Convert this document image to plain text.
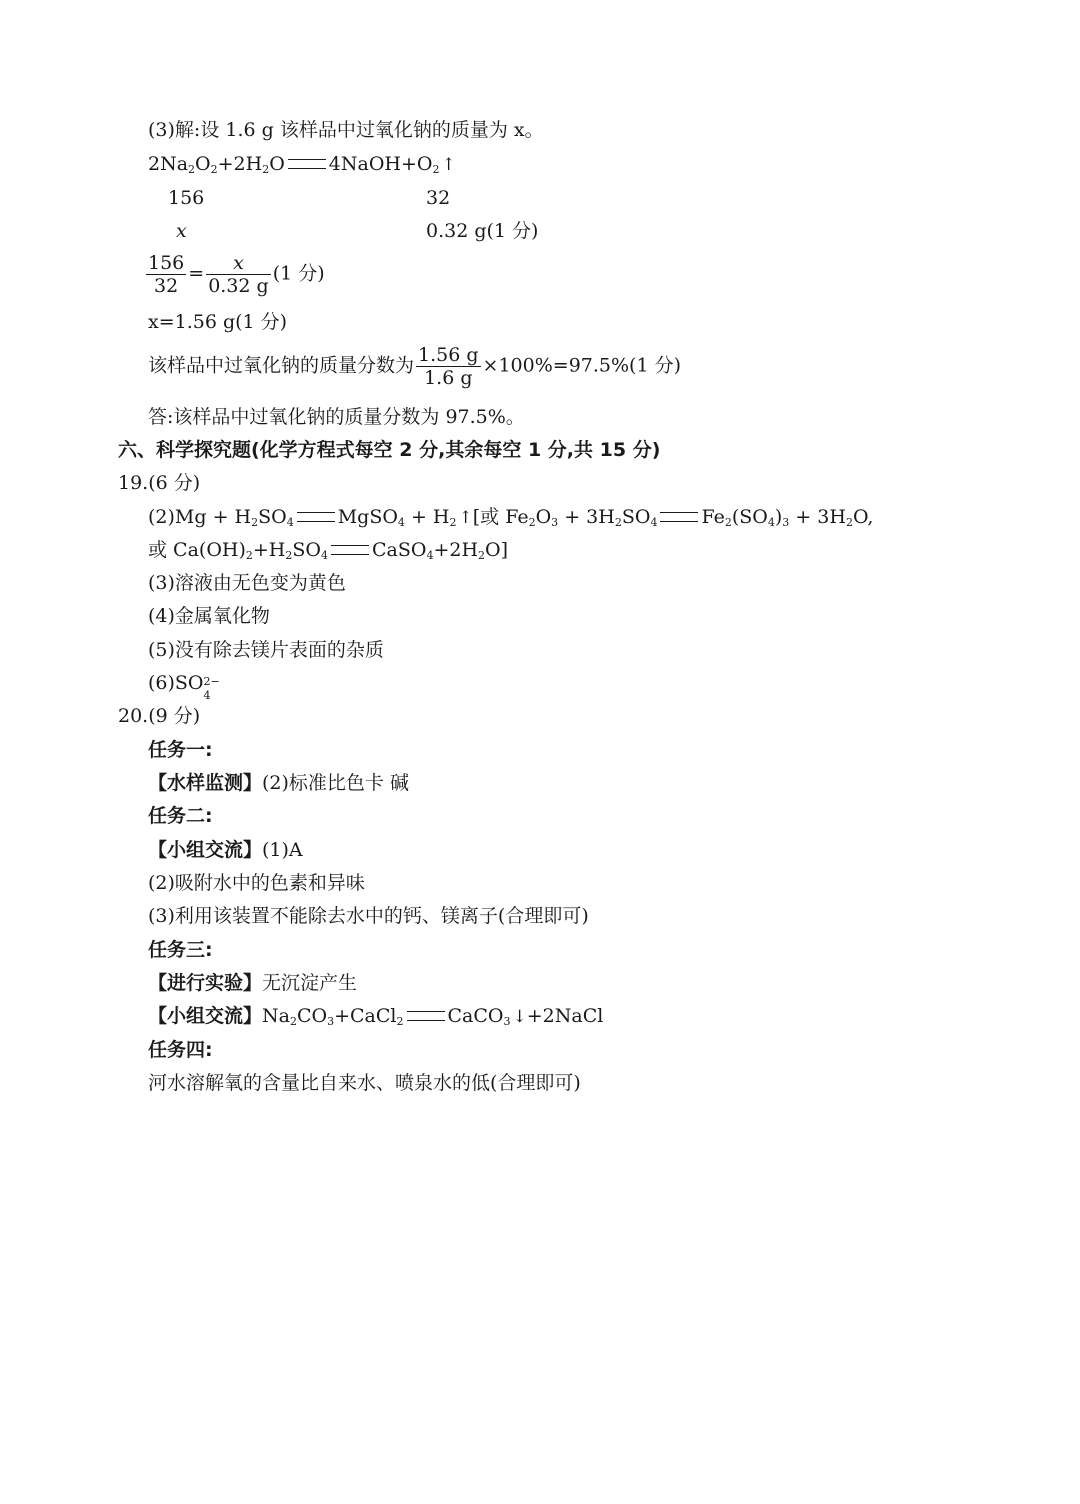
(3)解:设 1.6 g 该样品中过氧化钠的质量为 x。
$2Na_2O_2+2H_2O$ $4NaOH+O_2$ ↑
156	32
x	0.32 g(1 分)
$\frac{156}{32} = \frac{x}{0.32 g} (1$ 分)
x=1.56 g(1 分)
该样品中过氧化钠的质量分数为 $\frac{1.56 g}{1.6 g} \times 100\%=97.5\%(1$ 分)
答:该样品中过氧化钠的质量分数为 97.5%。
六、科学探究题(化学方程式每空 2 分,其余每空 1 分,共 15 分)
19.(6 分)
$(2)Mg + H_2SO_4$ MgSO$_4$ + $H_2$ ↑[或 $Fe_2O_3 + 3H_2SO_4$ $Fe_2(SO_4)_3 + 3H_2O$,
或 $Ca(OH)_2+H_2SO_4$ $CaSO_4+2H_2O$]
(3)溶液由无色变为黄色
(4)金属氧化物
(5)没有除去镁片表面的杂质
(6)SO 2−
4
20.(9 分)
任务一:
【水样监测】(2)标准比色卡 碱
任务二:
【小组交流】(1)A
(2)吸附水中的色素和异味
(3)利用该装置不能除去水中的钙、镁离子(合理即可)
任务三:
【进行实验】无沉淀产生
【小组交流】$Na_2CO_3+CaCl_2$ CaCO$_3$ ↓+2NaCl
任务四:
河水溶解氧的含量比自来水、喷泉水的低(合理即可)
